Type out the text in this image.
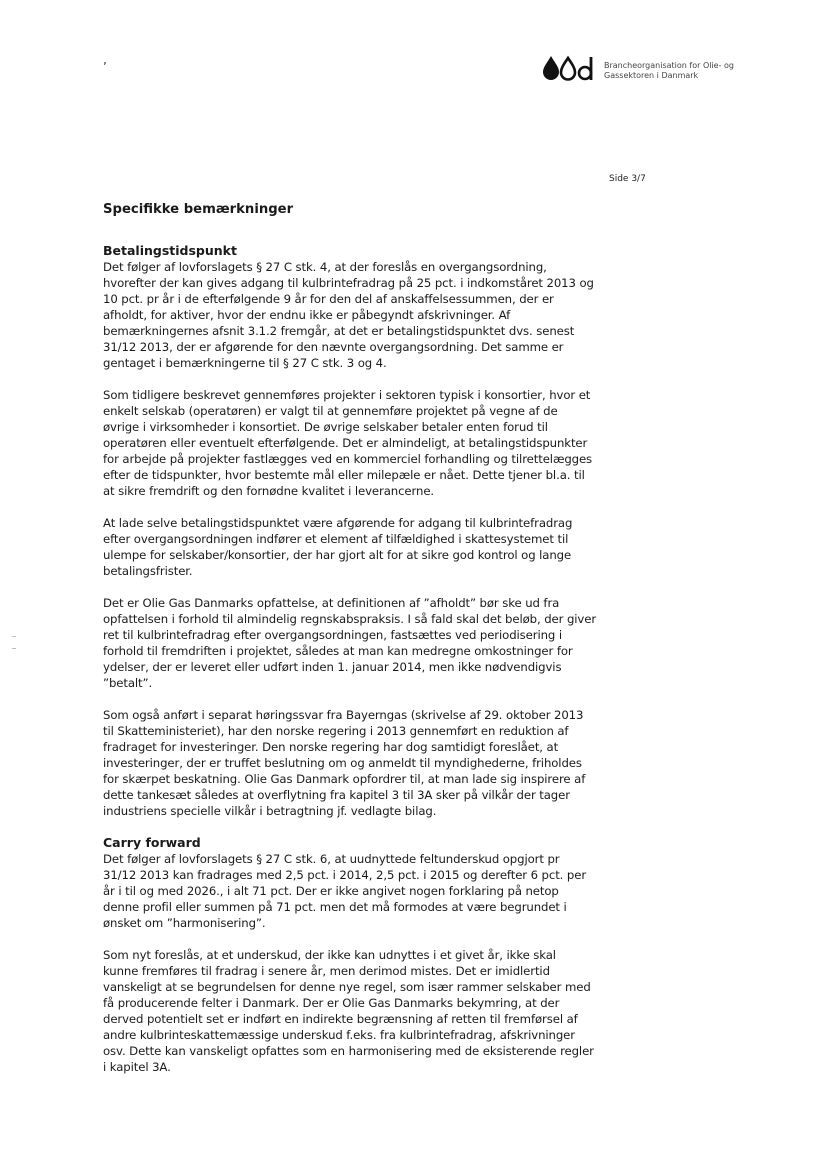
’	Brancheorganisation for Olie- og
Gassektoren i Danmark
Side 3/7
Specifikke bemærkninger
Betalingstidspunkt
Det følger af lovforslagets § 27 C stk. 4, at der foreslås en overgangsordning,
hvorefter der kan gives adgang til kulbrintefradrag på 25 pct. i indkomståret 2013 og
10 pct. pr år i de efterfølgende 9 år for den del af anskaffelsessummen, der er
afholdt, for aktiver, hvor der endnu ikke er påbegyndt afskrivninger. Af
bemærkningernes afsnit 3.1.2 fremgår, at det er betalingstidspunktet dvs. senest
31/12 2013, der er afgørende for den nævnte overgangsordning. Det samme er
gentaget i bemærkningerne til § 27 C stk. 3 og 4.
Som tidligere beskrevet gennemføres projekter i sektoren typisk i konsortier, hvor et
enkelt selskab (operatøren) er valgt til at gennemføre projektet på vegne af de
øvrige i virksomheder i konsortiet. De øvrige selskaber betaler enten forud til
operatøren eller eventuelt efterfølgende. Det er almindeligt, at betalingstidspunkter
for arbejde på projekter fastlægges ved en kommerciel forhandling og tilrettelægges
efter de tidspunkter, hvor bestemte mål eller milepæle er nået. Dette tjener bl.a. til
at sikre fremdrift og den fornødne kvalitet i leverancerne.
At lade selve betalingstidspunktet være afgørende for adgang til kulbrintefradrag
efter overgangsordningen indfører et element af tilfældighed i skattesystemet til
ulempe for selskaber/konsortier, der har gjort alt for at sikre god kontrol og lange
betalingsfrister.
Det er Olie Gas Danmarks opfattelse, at definitionen af ”afholdt” bør ske ud fra
opfattelsen i forhold til almindelig regnskabspraksis. I så fald skal det beløb, der giver
ret til kulbrintefradrag efter overgangsordningen, fastsættes ved periodisering i
forhold til fremdriften i projektet, således at man kan medregne omkostninger for
ydelser, der er leveret eller udført inden 1. januar 2014, men ikke nødvendigvis
”betalt”.
Som også anført i separat høringssvar fra Bayerngas (skrivelse af 29. oktober 2013
til Skatteministeriet), har den norske regering i 2013 gennemført en reduktion af
fradraget for investeringer. Den norske regering har dog samtidigt foreslået, at
investeringer, der er truffet beslutning om og anmeldt til myndighederne, friholdes
for skærpet beskatning. Olie Gas Danmark opfordrer til, at man lade sig inspirere af
dette tankesæt således at overflytning fra kapitel 3 til 3A sker på vilkår der tager
industriens specielle vilkår i betragtning jf. vedlagte bilag.
Carry forward
Det følger af lovforslagets § 27 C stk. 6, at uudnyttede feltunderskud opgjort pr
31/12 2013 kan fradrages med 2,5 pct. i 2014, 2,5 pct. i 2015 og derefter 6 pct. per
år i til og med 2026., i alt 71 pct. Der er ikke angivet nogen forklaring på netop
denne profil eller summen på 71 pct. men det må formodes at være begrundet i
ønsket om ”harmonisering”.
Som nyt foreslås, at et underskud, der ikke kan udnyttes i et givet år, ikke skal
kunne fremføres til fradrag i senere år, men derimod mistes. Det er imidlertid
vanskeligt at se begrundelsen for denne nye regel, som især rammer selskaber med
få producerende felter i Danmark. Der er Olie Gas Danmarks bekymring, at der
derved potentielt set er indført en indirekte begrænsning af retten til fremførsel af
andre kulbrinteskattemæssige underskud f.eks. fra kulbrintefradrag, afskrivninger
osv. Dette kan vanskeligt opfattes som en harmonisering med de eksisterende regler
i kapitel 3A.
